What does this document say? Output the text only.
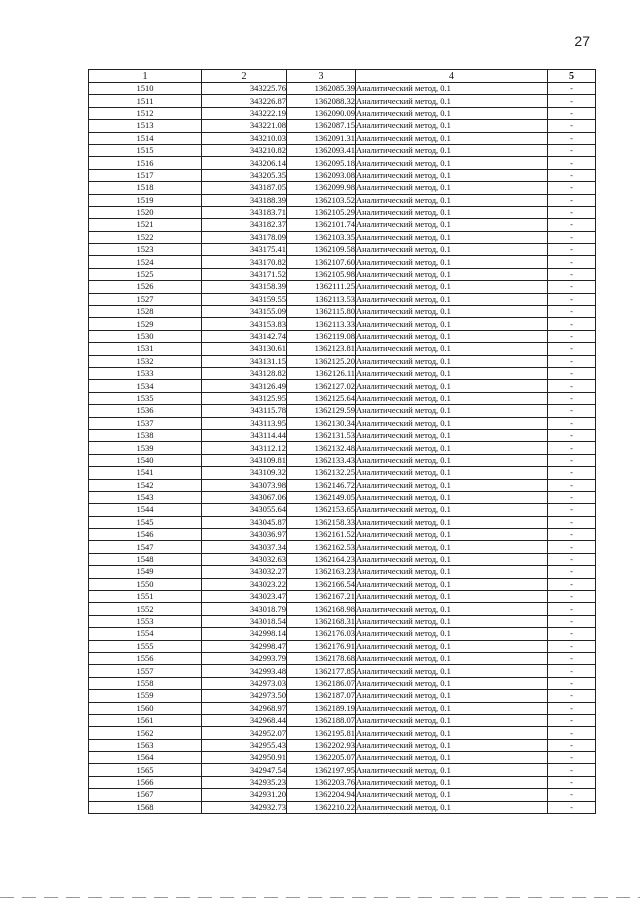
27
1	2	3	4	5
1510	343225.76	1362085.39	Аналитический метод, 0.1	-
1511	343226.87	1362088.32	Аналитический метод, 0.1	-
1512	343222.19	1362090.09	Аналитический метод, 0.1	-
1513	343221.08	1362087.15	Аналитический метод, 0.1	-
1514	343210.03	1362091.31	Аналитический метод, 0.1	-
1515	343210.82	1362093.41	Аналитический метод, 0.1	-
1516	343206.14	1362095.18	Аналитический метод, 0.1	-
1517	343205.35	1362093.08	Аналитический метод, 0.1	-
1518	343187.05	1362099.98	Аналитический метод, 0.1	-
1519	343188.39	1362103.52	Аналитический метод, 0.1	-
1520	343183.71	1362105.29	Аналитический метод, 0.1	-
1521	343182.37	1362101.74	Аналитический метод, 0.1	-
1522	343178.09	1362103.35	Аналитический метод, 0.1	-
1523	343175.41	1362109.58	Аналитический метод, 0.1	-
1524	343170.82	1362107.60	Аналитический метод, 0.1	-
1525	343171.52	1362105.98	Аналитический метод, 0.1	-
1526	343158.39	1362111.25	Аналитический метод, 0.1	-
1527	343159.55	1362113.53	Аналитический метод, 0.1	-
1528	343155.09	1362115.80	Аналитический метод, 0.1	-
1529	343153.83	1362113.33	Аналитический метод, 0.1	-
1530	343142.74	1362119.08	Аналитический метод, 0.1	-
1531	343130.61	1362123.81	Аналитический метод, 0.1	-
1532	343131.15	1362125.20	Аналитический метод, 0.1	-
1533	343128.82	1362126.11	Аналитический метод, 0.1	-
1534	343126.49	1362127.02	Аналитический метод, 0.1	-
1535	343125.95	1362125.64	Аналитический метод, 0.1	-
1536	343115.78	1362129.59	Аналитический метод, 0.1	-
1537	343113.95	1362130.34	Аналитический метод, 0.1	-
1538	343114.44	1362131.53	Аналитический метод, 0.1	-
1539	343112.12	1362132.48	Аналитический метод, 0.1	-
1540	343109.81	1362133.43	Аналитический метод, 0.1	-
1541	343109.32	1362132.25	Аналитический метод, 0.1	-
1542	343073.98	1362146.72	Аналитический метод, 0.1	-
1543	343067.06	1362149.05	Аналитический метод, 0.1	-
1544	343055.64	1362153.65	Аналитический метод, 0.1	-
1545	343045.87	1362158.33	Аналитический метод, 0.1	-
1546	343036.97	1362161.52	Аналитический метод, 0.1	-
1547	343037.34	1362162.53	Аналитический метод, 0.1	-
1548	343032.63	1362164.23	Аналитический метод, 0.1	-
1549	343032.27	1362163.23	Аналитический метод, 0.1	-
1550	343023.22	1362166.54	Аналитический метод, 0.1	-
1551	343023.47	1362167.21	Аналитический метод, 0.1	-
1552	343018.79	1362168.98	Аналитический метод, 0.1	-
1553	343018.54	1362168.31	Аналитический метод, 0.1	-
1554	342998.14	1362176.03	Аналитический метод, 0.1	-
1555	342998.47	1362176.91	Аналитический метод, 0.1	-
1556	342993.79	1362178.68	Аналитический метод, 0.1	-
1557	342993.48	1362177.85	Аналитический метод, 0.1	-
1558	342973.03	1362186.07	Аналитический метод, 0.1	-
1559	342973.50	1362187.07	Аналитический метод, 0.1	-
1560	342968.97	1362189.19	Аналитический метод, 0.1	-
1561	342968.44	1362188.07	Аналитический метод, 0.1	-
1562	342952.07	1362195.81	Аналитический метод, 0.1	-
1563	342955.43	1362202.93	Аналитический метод, 0.1	-
1564	342950.91	1362205.07	Аналитический метод, 0.1	-
1565	342947.54	1362197.95	Аналитический метод, 0.1	-
1566	342935.23	1362203.76	Аналитический метод, 0.1	-
1567	342931.20	1362204.94	Аналитический метод, 0.1	-
1568	342932.73	1362210.22	Аналитический метод, 0.1	-
